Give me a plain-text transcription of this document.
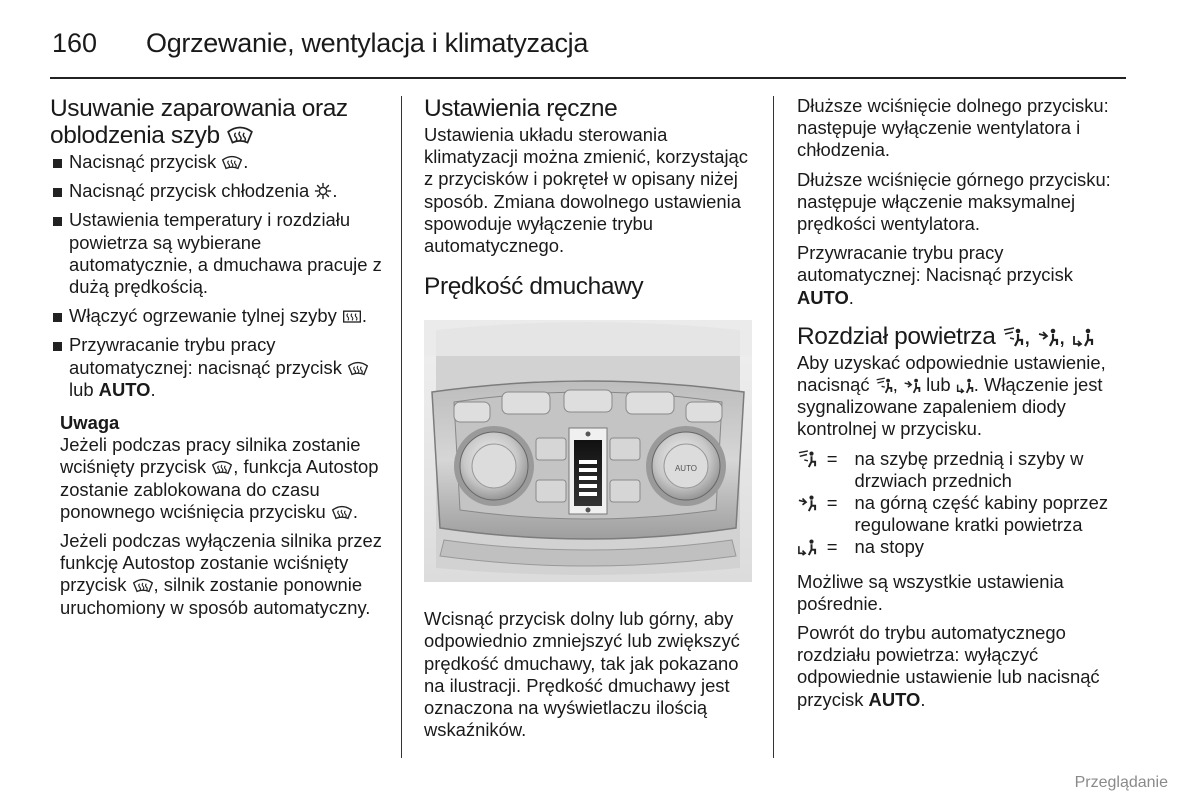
160 Ogrzewanie, wentylacja i klimatyzacja
Usuwanie zaparowania oraz
oblodzenia szyb
Nacisnąć przycisk .
Nacisnąć przycisk chłodzenia .
Ustawienia temperatury i rozdziału powietrza są wybierane automatycznie, a dmuchawa pracuje z dużą prędkością.
Włączyć ogrzewanie tylnej szyby .
Przywracanie trybu pracy automatycznej: nacisnąć przycisk  lub AUTO.
Uwaga

Jeżeli podczas pracy silnika zostanie wciśnięty przycisk , funkcja Autostop zostanie zablokowana do czasu ponownego wciśnięcia przycisku .

Jeżeli podczas wyłączenia silnika przez funkcję Autostop zostanie wciśnięty przycisk , silnik zostanie ponownie uruchomiony w sposób automatyczny.

Ustawienia ręczne

Ustawienia układu sterowania klimatyzacji można zmienić, korzystając z przycisków i pokręteł w opisany niżej sposób. Zmiana dowolnego ustawienia spowoduje wyłączenie trybu automatycznego.

Prędkość dmuchawy
AUTO

Wcisnąć przycisk dolny lub górny, aby odpowiednio zmniejszyć lub zwiększyć prędkość dmuchawy, tak jak pokazano na ilustracji. Prędkość dmuchawy jest oznaczona na wyświetlaczu ilością wskaźników.

Dłuższe wciśnięcie dolnego przycisku: następuje wyłączenie wentylatora i chłodzenia.

Dłuższe wciśnięcie górnego przycisku: następuje włączenie maksymalnej prędkości wentylatora.

Przywracanie trybu pracy automatycznej: Nacisnąć przycisk AUTO.

Rozdział powietrza , ,

Aby uzyskać odpowiednie ustawienie, nacisnąć , lub . Włączenie jest sygnalizowane zapaleniem diody kontrolnej w przycisku.

= na szybę przednią i szyby w drzwiach przednich
= na górną część kabiny poprzez regulowane kratki powietrza
= na stopy

Możliwe są wszystkie ustawienia pośrednie.

Powrót do trybu automatycznego rozdziału powietrza: wyłączyć odpowiednie ustawienie lub nacisnąć przycisk AUTO.

Przeglądanie
